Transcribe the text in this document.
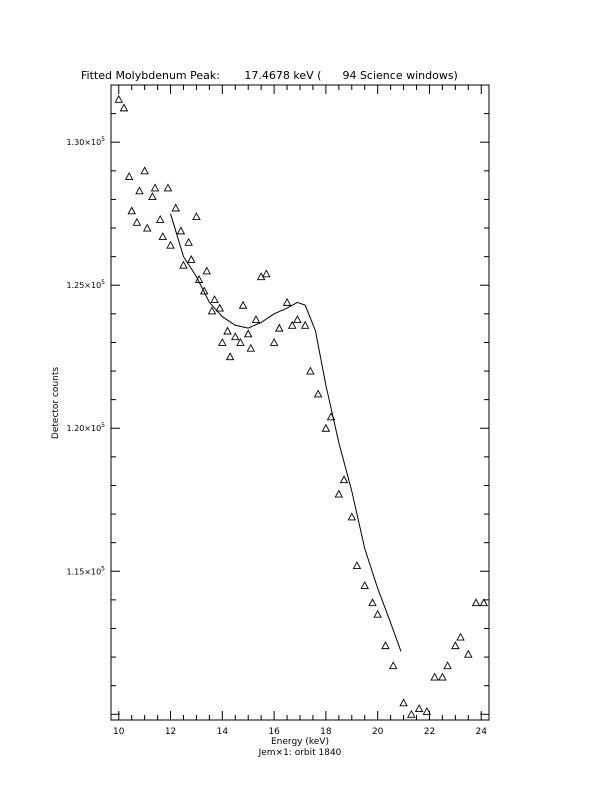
Fitted Molybdenum Peak:       17.4678 keV (      94 Science windows)
$1.15\times 10^5$
$1.20\times 10^5$
$1.25\times 10^5$
$1.30\times 10^5$
10	12	14	16	18	20	22	24
Energy (keV)
Jem×1: orbit 1840
Detector counts
